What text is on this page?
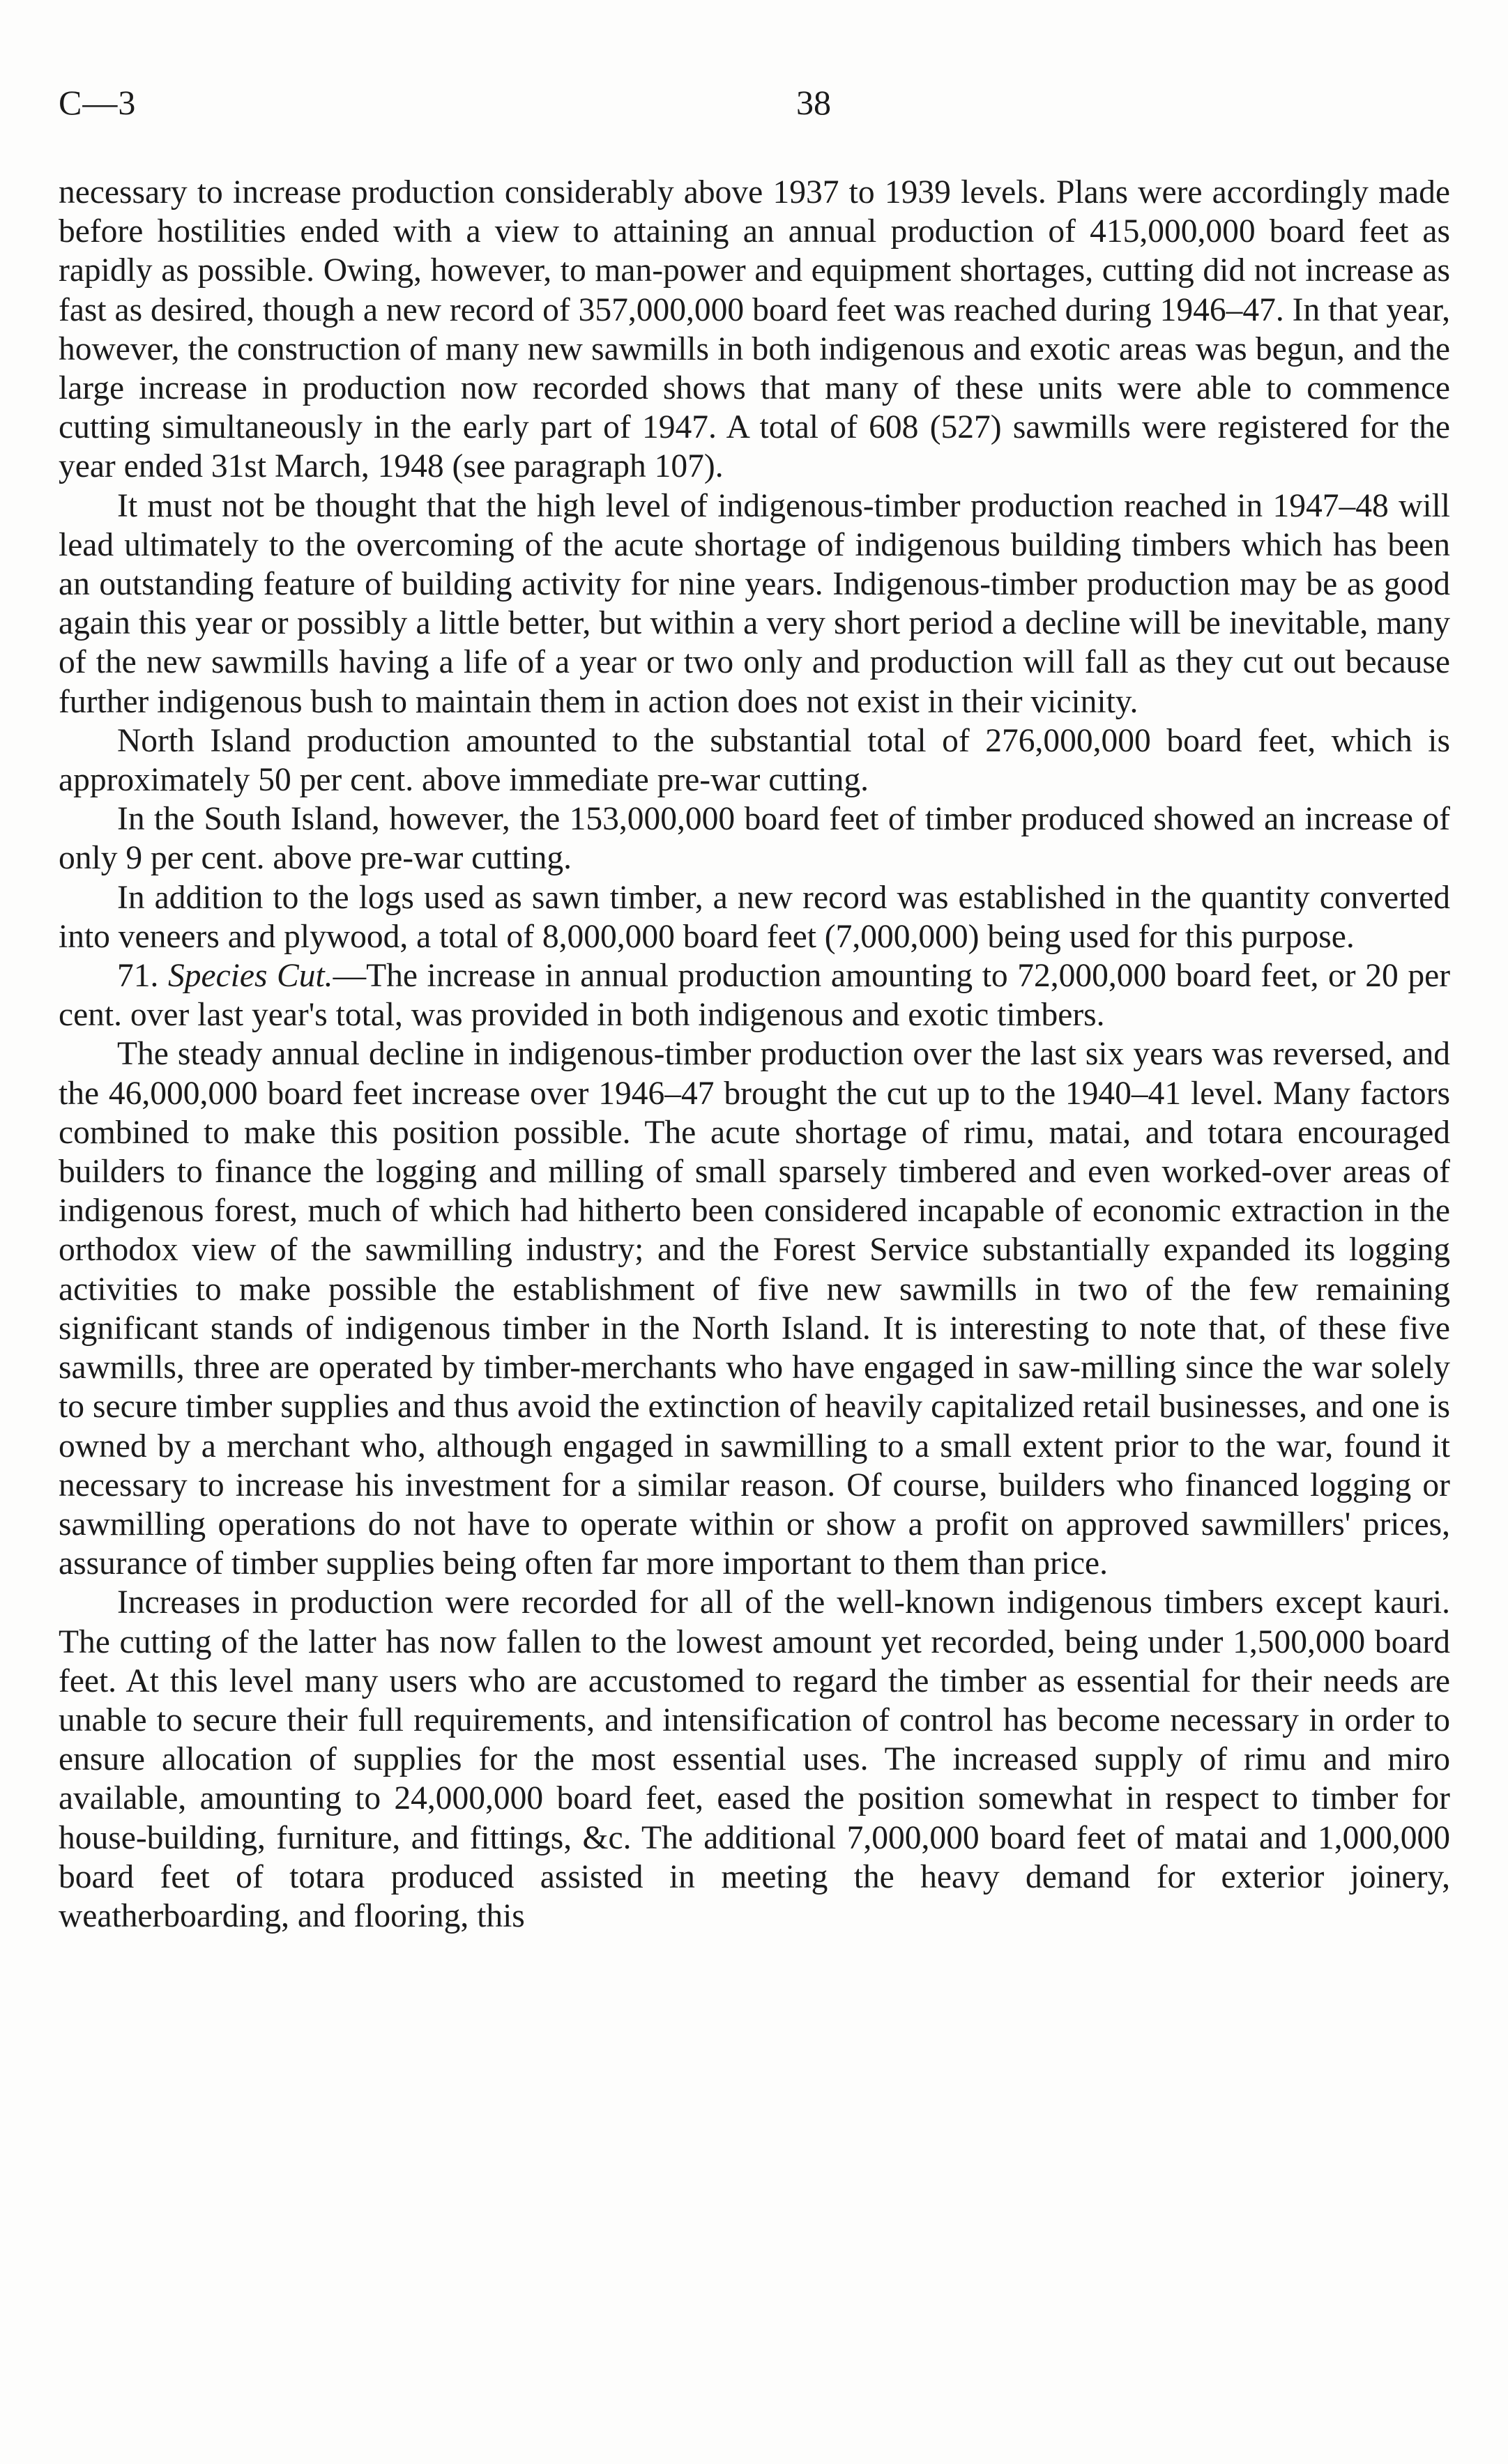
C—3	38

necessary to increase production considerably above 1937 to 1939 levels. Plans were accordingly made before hostilities ended with a view to attaining an annual production of 415,000,000 board feet as rapidly as possible. Owing, however, to man-power and equipment shortages, cutting did not increase as fast as desired, though a new record of 357,000,000 board feet was reached during 1946–47. In that year, however, the construction of many new sawmills in both indigenous and exotic areas was begun, and the large increase in production now recorded shows that many of these units were able to commence cutting simultaneously in the early part of 1947. A total of 608 (527) sawmills were registered for the year ended 31st March, 1948 (see paragraph 107).

It must not be thought that the high level of indigenous-timber production reached in 1947–48 will lead ultimately to the overcoming of the acute shortage of indigenous building timbers which has been an outstanding feature of building activity for nine years. Indigenous-timber production may be as good again this year or possibly a little better, but within a very short period a decline will be inevitable, many of the new sawmills having a life of a year or two only and production will fall as they cut out because further indigenous bush to maintain them in action does not exist in their vicinity.

North Island production amounted to the substantial total of 276,000,000 board feet, which is approximately 50 per cent. above immediate pre-war cutting.

In the South Island, however, the 153,000,000 board feet of timber produced showed an increase of only 9 per cent. above pre-war cutting.

In addition to the logs used as sawn timber, a new record was established in the quantity converted into veneers and plywood, a total of 8,000,000 board feet (7,000,000) being used for this purpose.

71. Species Cut.—The increase in annual production amounting to 72,000,000 board feet, or 20 per cent. over last year's total, was provided in both indigenous and exotic timbers.

The steady annual decline in indigenous-timber production over the last six years was reversed, and the 46,000,000 board feet increase over 1946–47 brought the cut up to the 1940–41 level. Many factors combined to make this position possible. The acute shortage of rimu, matai, and totara encouraged builders to finance the logging and milling of small sparsely timbered and even worked-over areas of indigenous forest, much of which had hitherto been considered incapable of economic extraction in the orthodox view of the sawmilling industry; and the Forest Service substantially expanded its logging activities to make possible the establishment of five new sawmills in two of the few remaining significant stands of indigenous timber in the North Island. It is interesting to note that, of these five sawmills, three are operated by timber-merchants who have engaged in saw-milling since the war solely to secure timber supplies and thus avoid the extinction of heavily capitalized retail businesses, and one is owned by a merchant who, although engaged in sawmilling to a small extent prior to the war, found it necessary to increase his investment for a similar reason. Of course, builders who financed logging or sawmilling operations do not have to operate within or show a profit on approved sawmillers' prices, assurance of timber supplies being often far more important to them than price.

Increases in production were recorded for all of the well-known indigenous timbers except kauri. The cutting of the latter has now fallen to the lowest amount yet recorded, being under 1,500,000 board feet. At this level many users who are accustomed to regard the timber as essential for their needs are unable to secure their full requirements, and intensification of control has become necessary in order to ensure allocation of supplies for the most essential uses. The increased supply of rimu and miro available, amounting to 24,000,000 board feet, eased the position somewhat in respect to timber for house-building, furniture, and fittings, &c. The additional 7,000,000 board feet of matai and 1,000,000 board feet of totara produced assisted in meeting the heavy demand for exterior joinery, weatherboarding, and flooring, this
